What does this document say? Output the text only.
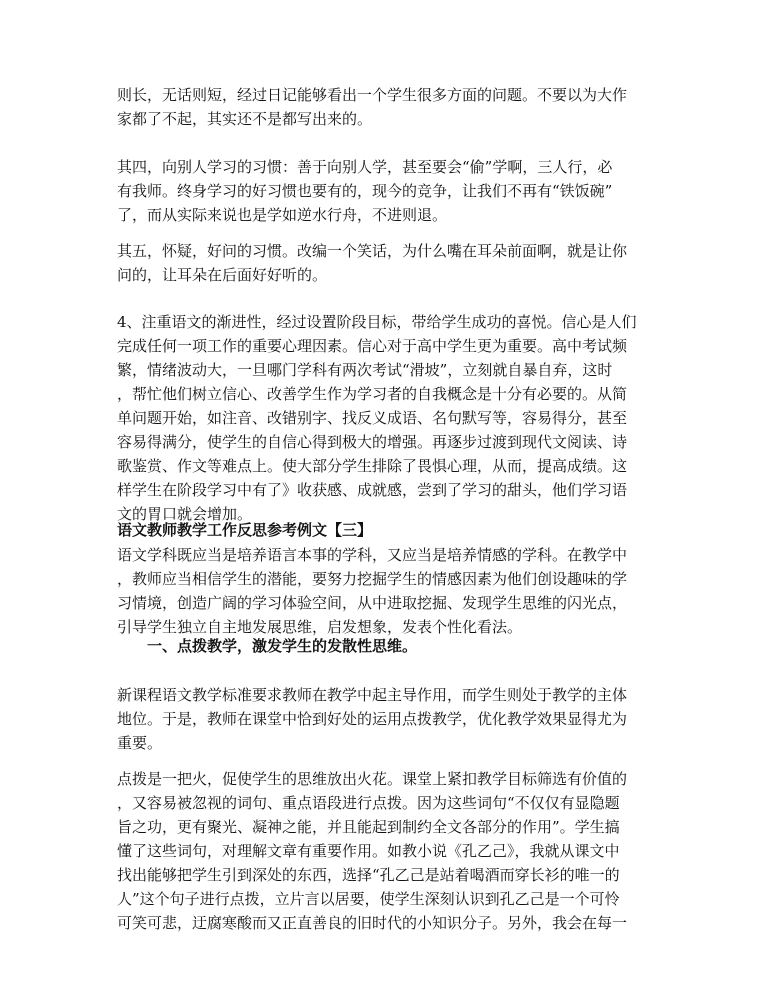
则长，无话则短，经过日记能够看出一个学生很多方面的问题。不要以为大作
家都了不起，其实还不是都写出来的。

其四，向别人学习的习惯：善于向别人学，甚至要会“偷”学啊，三人行，必
有我师。终身学习的好习惯也要有的，现今的竞争，让我们不再有“铁饭碗”
了，而从实际来说也是学如逆水行舟，不进则退。

其五，怀疑，好问的习惯。改编一个笑话，为什么嘴在耳朵前面啊，就是让你
问的，让耳朵在后面好好听的。

4、注重语文的渐进性，经过设置阶段目标，带给学生成功的喜悦。信心是人们
完成任何一项工作的重要心理因素。信心对于高中学生更为重要。高中考试频
繁，情绪波动大，一旦哪门学科有两次考试“滑坡”，立刻就自暴自弃，这时
，帮忙他们树立信心、改善学生作为学习者的自我概念是十分有必要的。从简
单问题开始，如注音、改错别字、找反义成语、名句默写等，容易得分，甚至
容易得满分，使学生的自信心得到极大的增强。再逐步过渡到现代文阅读、诗
歌鉴赏、作文等难点上。使大部分学生排除了畏惧心理，从而，提高成绩。这
样学生在阶段学习中有了》收获感、成就感，尝到了学习的甜头，他们学习语
文的胃口就会增加。

语文教师教学工作反思参考例文【三】

语文学科既应当是培养语言本事的学科，又应当是培养情感的学科。在教学中
，教师应当相信学生的潜能，要努力挖掘学生的情感因素为他们创设趣味的学
习情境，创造广阔的学习体验空间，从中进取挖掘、发现学生思维的闪光点，
引导学生独立自主地发展思维，启发想象，发表个性化看法。

一、点拨教学，激发学生的发散性思维。

新课程语文教学标准要求教师在教学中起主导作用，而学生则处于教学的主体
地位。于是，教师在课堂中恰到好处的运用点拨教学，优化教学效果显得尤为
重要。

点拨是一把火，促使学生的思维放出火花。课堂上紧扣教学目标筛选有价值的
，又容易被忽视的词句、重点语段进行点拨。因为这些词句“不仅仅有显隐题
旨之功，更有聚光、凝神之能，并且能起到制约全文各部分的作用”。学生搞
懂了这些词句，对理解文章有重要作用。如教小说《孔乙己》，我就从课文中
找出能够把学生引到深处的东西，选择“孔乙己是站着喝酒而穿长衫的唯一的
人”这个句子进行点拨，立片言以居要，使学生深刻认识到孔乙己是一个可怜
可笑可悲，迂腐寒酸而又正直善良的旧时代的小知识分子。另外，我会在每一
